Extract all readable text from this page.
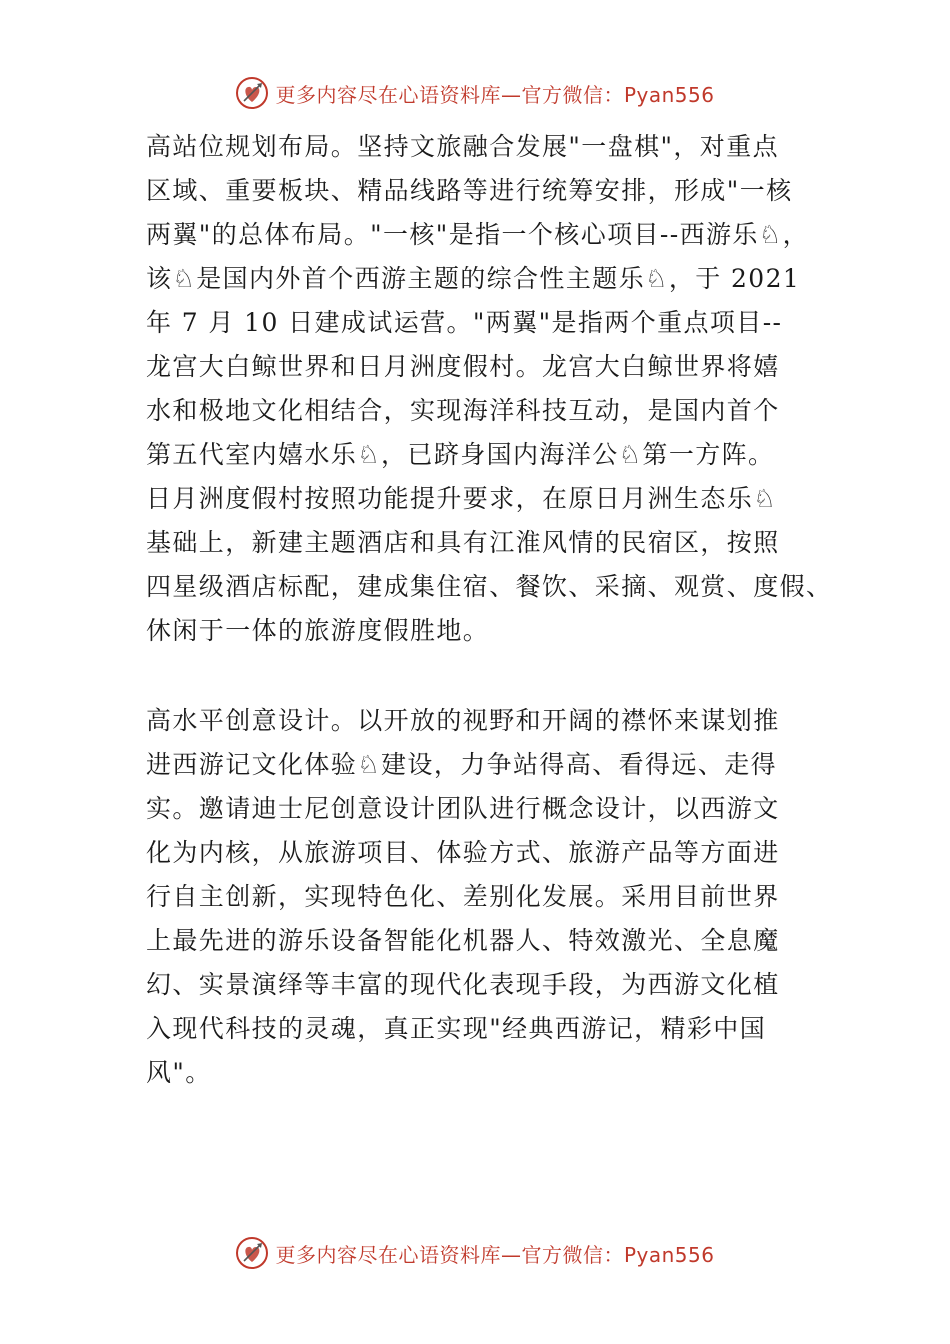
更多内容尽在心语资料库—官方微信：Pyan556
高站位规划布局。坚持文旅融合发展"一盘棋"，对重点
区域、重要板块、精品线路等进行统筹安排，形成"一核
两翼"的总体布局。"一核"是指一个核心项目--西游乐♘，
该♘是国内外首个西游主题的综合性主题乐♘，于 2021
年 7 月 10 日建成试运营。"两翼"是指两个重点项目--
龙宫大白鲸世界和日月洲度假村。龙宫大白鲸世界将嬉
水和极地文化相结合，实现海洋科技互动，是国内首个
第五代室内嬉水乐♘，已跻身国内海洋公♘第一方阵。
日月洲度假村按照功能提升要求，在原日月洲生态乐♘
基础上，新建主题酒店和具有江淮风情的民宿区，按照
四星级酒店标配，建成集住宿、餐饮、采摘、观赏、度假、
休闲于一体的旅游度假胜地。
高水平创意设计。以开放的视野和开阔的襟怀来谋划推
进西游记文化体验♘建设，力争站得高、看得远、走得
实。邀请迪士尼创意设计团队进行概念设计，以西游文
化为内核，从旅游项目、体验方式、旅游产品等方面进
行自主创新，实现特色化、差别化发展。采用目前世界
上最先进的游乐设备智能化机器人、特效激光、全息魔
幻、实景演绎等丰富的现代化表现手段，为西游文化植
入现代科技的灵魂，真正实现"经典西游记，精彩中国
风"。
更多内容尽在心语资料库—官方微信：Pyan556
